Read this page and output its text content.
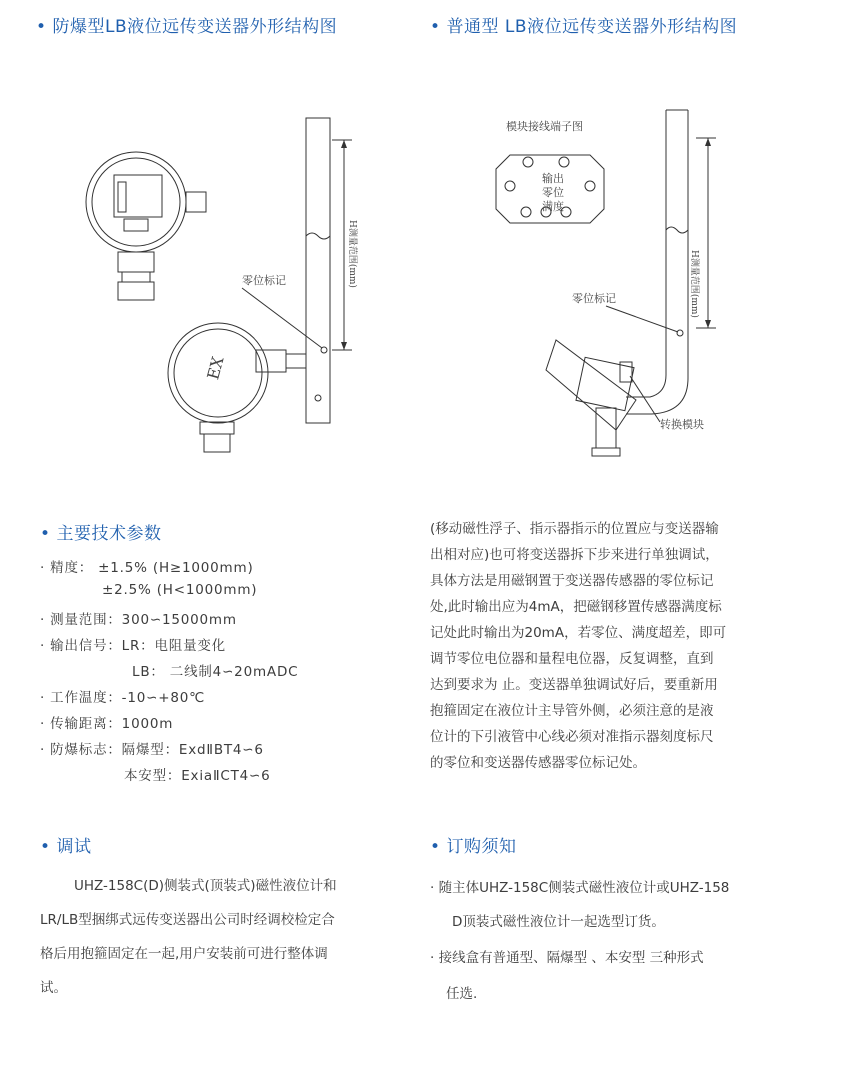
• 防爆型LB液位远传变送器外形结构图	• 普通型 LB液位远传变送器外形结构图
EX
H测量范围(mm)
零位标记
模块接线端子图
输出
零位
满度
H测量范围(mm)
零位标记
转换模块
• 主要技术参数
· 精度： ±1.5% (H≥1000mm)
±2.5% (H<1000mm)
· 测量范围：300∽15000mm
· 输出信号：LR：电阻量变化
LB： 二线制4∽20mADC
· 工作温度：-10∽+80℃
· 传输距离：1000m
· 防爆标志：隔爆型：ExdⅡBT4∽6
本安型：ExiaⅡCT4∽6
(移动磁性浮子、指示器指示的位置应与变送器输
出相对应)也可将变送器拆下步来进行单独调试，
具体方法是用磁钢置于变送器传感器的零位标记
处,此时输出应为4mA，把磁钢移置传感器满度标
记处此时输出为20mA，若零位、满度超差，即可
调节零位电位器和量程电位器，反复调整，直到
达到要求为 止。变送器单独调试好后，要重新用
抱箍固定在液位计主导管外侧，必须注意的是液
位计的下引液管中心线必须对准指示器刻度标尺
的零位和变送器传感器零位标记处。
• 调试
UHZ-158C(D)侧装式(顶装式)磁性液位计和
LR/LB型捆绑式远传变送器出公司时经调校检定合
格后用抱箍固定在一起,用户安装前可进行整体调
试。
• 订购须知
· 随主体UHZ-158C侧装式磁性液位计或UHZ-158
D顶装式磁性液位计一起选型订货。
· 接线盒有普通型、隔爆型 、本安型 三种形式
任选.
